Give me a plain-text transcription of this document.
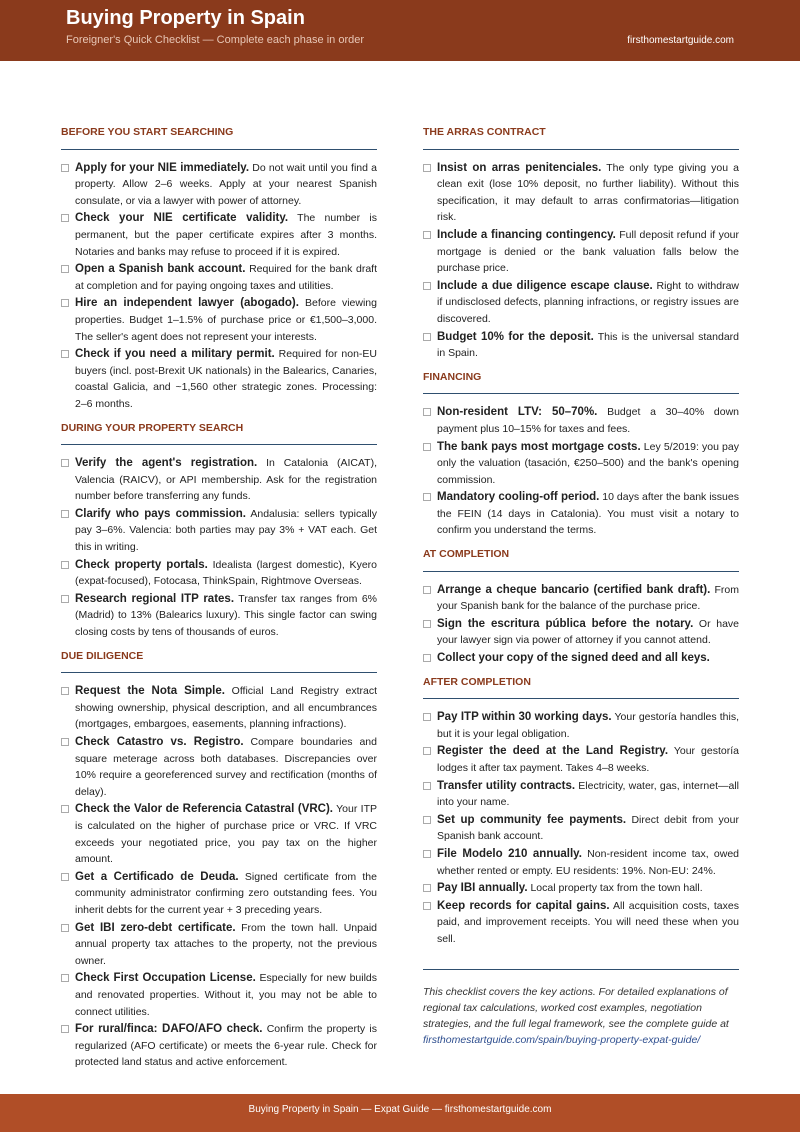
Buying Property in Spain
Foreigner's Quick Checklist — Complete each phase in order	firsthomestartguide.com
BEFORE YOU START SEARCHING
Apply for your NIE immediately. Do not wait until you find a property. Allow 2–6 weeks. Apply at your nearest Spanish consulate, or via a lawyer with power of attorney.
Check your NIE certificate validity. The number is permanent, but the paper certificate expires after 3 months. Notaries and banks may refuse to proceed if it is expired.
Open a Spanish bank account. Required for the bank draft at completion and for paying ongoing taxes and utilities.
Hire an independent lawyer (abogado). Before viewing properties. Budget 1–1.5% of purchase price or €1,500–3,000. The seller's agent does not represent your interests.
Check if you need a military permit. Required for non-EU buyers (incl. post-Brexit UK nationals) in the Balearics, Canaries, coastal Galicia, and ~1,560 other strategic zones. Processing: 2–6 months.
DURING YOUR PROPERTY SEARCH
Verify the agent's registration. In Catalonia (AICAT), Valencia (RAICV), or API membership. Ask for the registration number before transferring any funds.
Clarify who pays commission. Andalusia: sellers typically pay 3–6%. Valencia: both parties may pay 3% + VAT each. Get this in writing.
Check property portals. Idealista (largest domestic), Kyero (expat-focused), Fotocasa, ThinkSpain, Rightmove Overseas.
Research regional ITP rates. Transfer tax ranges from 6% (Madrid) to 13% (Balearics luxury). This single factor can swing closing costs by tens of thousands of euros.
DUE DILIGENCE
Request the Nota Simple. Official Land Registry extract showing ownership, physical description, and all encumbrances (mortgages, embargoes, easements, planning infractions).
Check Catastro vs. Registro. Compare boundaries and square meterage across both databases. Discrepancies over 10% require a georeferenced survey and rectification (months of delay).
Check the Valor de Referencia Catastral (VRC). Your ITP is calculated on the higher of purchase price or VRC. If VRC exceeds your negotiated price, you pay tax on the higher amount.
Get a Certificado de Deuda. Signed certificate from the community administrator confirming zero outstanding fees. You inherit debts for the current year + 3 preceding years.
Get IBI zero-debt certificate. From the town hall. Unpaid annual property tax attaches to the property, not the previous owner.
Check First Occupation License. Especially for new builds and renovated properties. Without it, you may not be able to connect utilities.
For rural/finca: DAFO/AFO check. Confirm the property is regularized (AFO certificate) or meets the 6-year rule. Check for protected land status and active enforcement.
THE ARRAS CONTRACT
Insist on arras penitenciales. The only type giving you a clean exit (lose 10% deposit, no further liability). Without this specification, it may default to arras confirmatorias—litigation risk.
Include a financing contingency. Full deposit refund if your mortgage is denied or the bank valuation falls below the purchase price.
Include a due diligence escape clause. Right to withdraw if undisclosed defects, planning infractions, or registry issues are discovered.
Budget 10% for the deposit. This is the universal standard in Spain.
FINANCING
Non-resident LTV: 50–70%. Budget a 30–40% down payment plus 10–15% for taxes and fees.
The bank pays most mortgage costs. Ley 5/2019: you pay only the valuation (tasación, €250–500) and the bank's opening commission.
Mandatory cooling-off period. 10 days after the bank issues the FEIN (14 days in Catalonia). You must visit a notary to confirm you understand the terms.
AT COMPLETION
Arrange a cheque bancario (certified bank draft). From your Spanish bank for the balance of the purchase price.
Sign the escritura pública before the notary. Or have your lawyer sign via power of attorney if you cannot attend.
Collect your copy of the signed deed and all keys.
AFTER COMPLETION
Pay ITP within 30 working days. Your gestoría handles this, but it is your legal obligation.
Register the deed at the Land Registry. Your gestoría lodges it after tax payment. Takes 4–8 weeks.
Transfer utility contracts. Electricity, water, gas, internet—all into your name.
Set up community fee payments. Direct debit from your Spanish bank account.
File Modelo 210 annually. Non-resident income tax, owed whether rented or empty. EU residents: 19%. Non-EU: 24%.
Pay IBI annually. Local property tax from the town hall.
Keep records for capital gains. All acquisition costs, taxes paid, and improvement receipts. You will need these when you sell.
This checklist covers the key actions. For detailed explanations of regional tax calculations, worked cost examples, negotiation strategies, and the full legal framework, see the complete guide at firsthomestartguide.com/spain/buying-property-expat-guide/
Buying Property in Spain — Expat Guide — firsthomestartguide.com
